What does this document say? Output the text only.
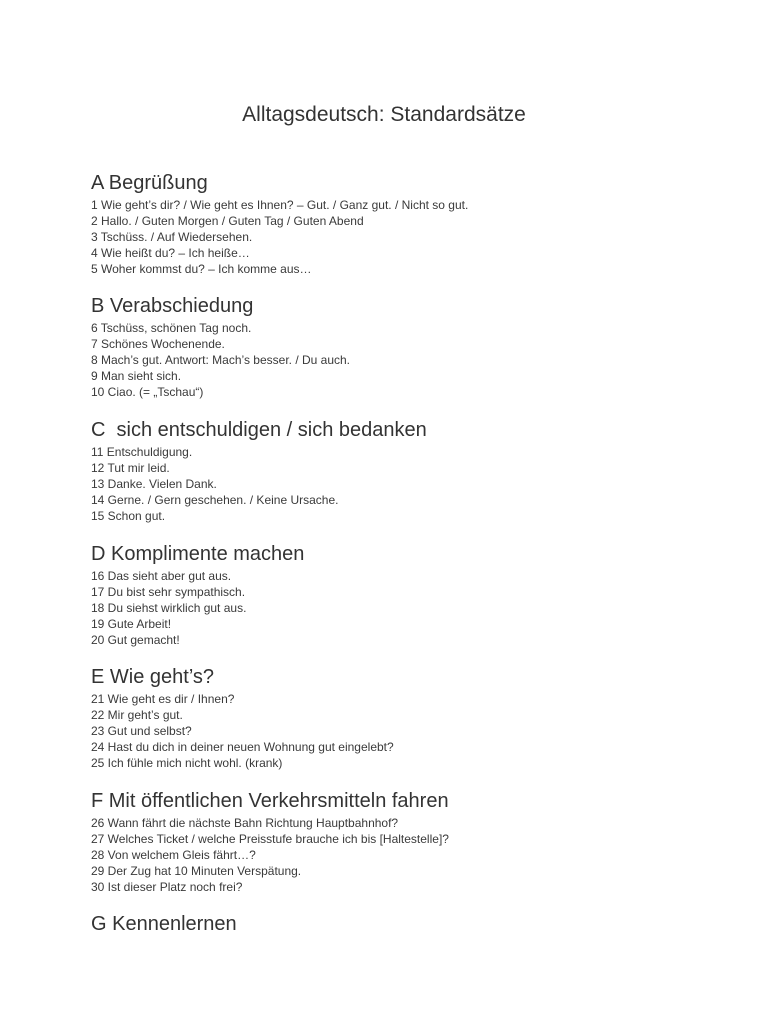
Alltagsdeutsch: Standardsätze
A Begrüßung
1 Wie geht’s dir? / Wie geht es Ihnen? – Gut. / Ganz gut. / Nicht so gut.
2 Hallo. / Guten Morgen / Guten Tag / Guten Abend
3 Tschüss. / Auf Wiedersehen.
4 Wie heißt du? – Ich heiße…
5 Woher kommst du? – Ich komme aus…
B Verabschiedung
6 Tschüss, schönen Tag noch.
7 Schönes Wochenende.
8 Mach’s gut. Antwort: Mach’s besser. / Du auch.
9 Man sieht sich.
10 Ciao. (= „Tschau“)
C  sich entschuldigen / sich bedanken
11 Entschuldigung.
12 Tut mir leid.
13 Danke. Vielen Dank.
14 Gerne. / Gern geschehen. / Keine Ursache.
15 Schon gut.
D Komplimente machen
16 Das sieht aber gut aus.
17 Du bist sehr sympathisch.
18 Du siehst wirklich gut aus.
19 Gute Arbeit!
20 Gut gemacht!
E Wie geht’s?
21 Wie geht es dir / Ihnen?
22 Mir geht’s gut.
23 Gut und selbst?
24 Hast du dich in deiner neuen Wohnung gut eingelebt?
25 Ich fühle mich nicht wohl. (krank)
F Mit öffentlichen Verkehrsmitteln fahren
26 Wann fährt die nächste Bahn Richtung Hauptbahnhof?
27 Welches Ticket / welche Preisstufe brauche ich bis [Haltestelle]?
28 Von welchem Gleis fährt…?
29 Der Zug hat 10 Minuten Verspätung.
30 Ist dieser Platz noch frei?
G Kennenlernen
